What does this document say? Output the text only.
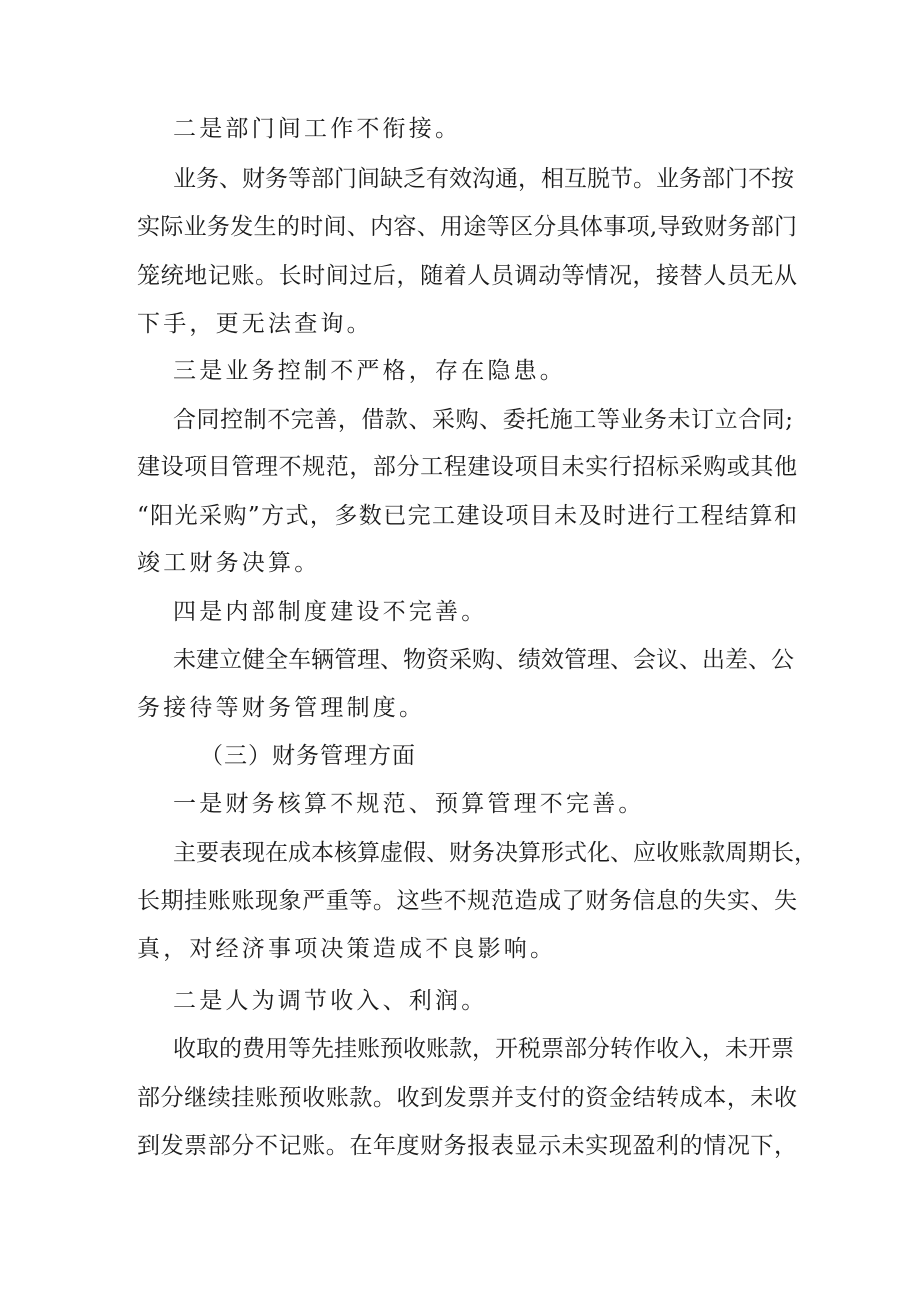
二是部门间工作不衔接。
业务、财务等部门间缺乏有效沟通，相互脱节。业务部门不按
实际业务发生的时间、内容、用途等区分具体事项,导致财务部门
笼统地记账。长时间过后，随着人员调动等情况，接替人员无从
下手，更无法查询。
三是业务控制不严格，存在隐患。
合同控制不完善，借款、采购、委托施工等业务未订立合同;
建设项目管理不规范，部分工程建设项目未实行招标采购或其他
“阳光采购”方式，多数已完工建设项目未及时进行工程结算和
竣工财务决算。
四是内部制度建设不完善。
未建立健全车辆管理、物资采购、绩效管理、会议、出差、公
务接待等财务管理制度。
（三）财务管理方面
一是财务核算不规范、预算管理不完善。
主要表现在成本核算虚假、财务决算形式化、应收账款周期长，
长期挂账账现象严重等。这些不规范造成了财务信息的失实、失
真，对经济事项决策造成不良影响。
二是人为调节收入、利润。
收取的费用等先挂账预收账款，开税票部分转作收入，未开票
部分继续挂账预收账款。收到发票并支付的资金结转成本，未收
到发票部分不记账。在年度财务报表显示未实现盈利的情况下，
